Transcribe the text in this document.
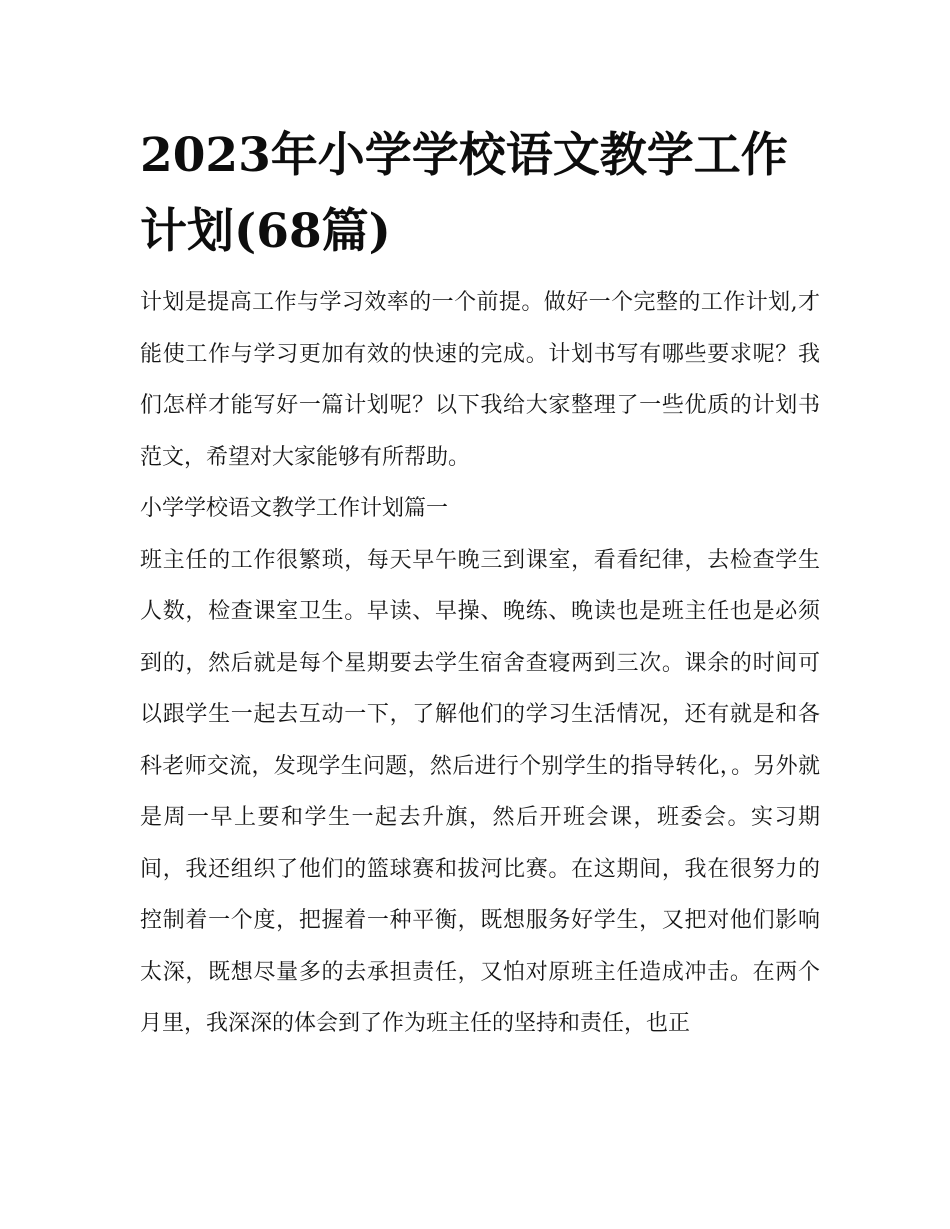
2023年小学学校语文教学工作计划(68篇)

计划是提高工作与学习效率的一个前提。做好一个完整的工作计划,才能使工作与学习更加有效的快速的完成。计划书写有哪些要求呢？我们怎样才能写好一篇计划呢？以下我给大家整理了一些优质的计划书范文，希望对大家能够有所帮助。

小学学校语文教学工作计划篇一

班主任的工作很繁琐，每天早午晚三到课室，看看纪律，去检查学生人数，检查课室卫生。早读、早操、晚练、晚读也是班主任也是必须到的，然后就是每个星期要去学生宿舍查寝两到三次。课余的时间可以跟学生一起去互动一下，了解他们的学习生活情况，还有就是和各科老师交流，发现学生问题，然后进行个别学生的指导转化，。另外就是周一早上要和学生一起去升旗，然后开班会课，班委会。实习期间，我还组织了他们的篮球赛和拔河比赛。在这期间，我在很努力的控制着一个度，把握着一种平衡，既想服务好学生，又把对他们影响太深，既想尽量多的去承担责任，又怕对原班主任造成冲击。在两个月里，我深深的体会到了作为班主任的坚持和责任，也正
